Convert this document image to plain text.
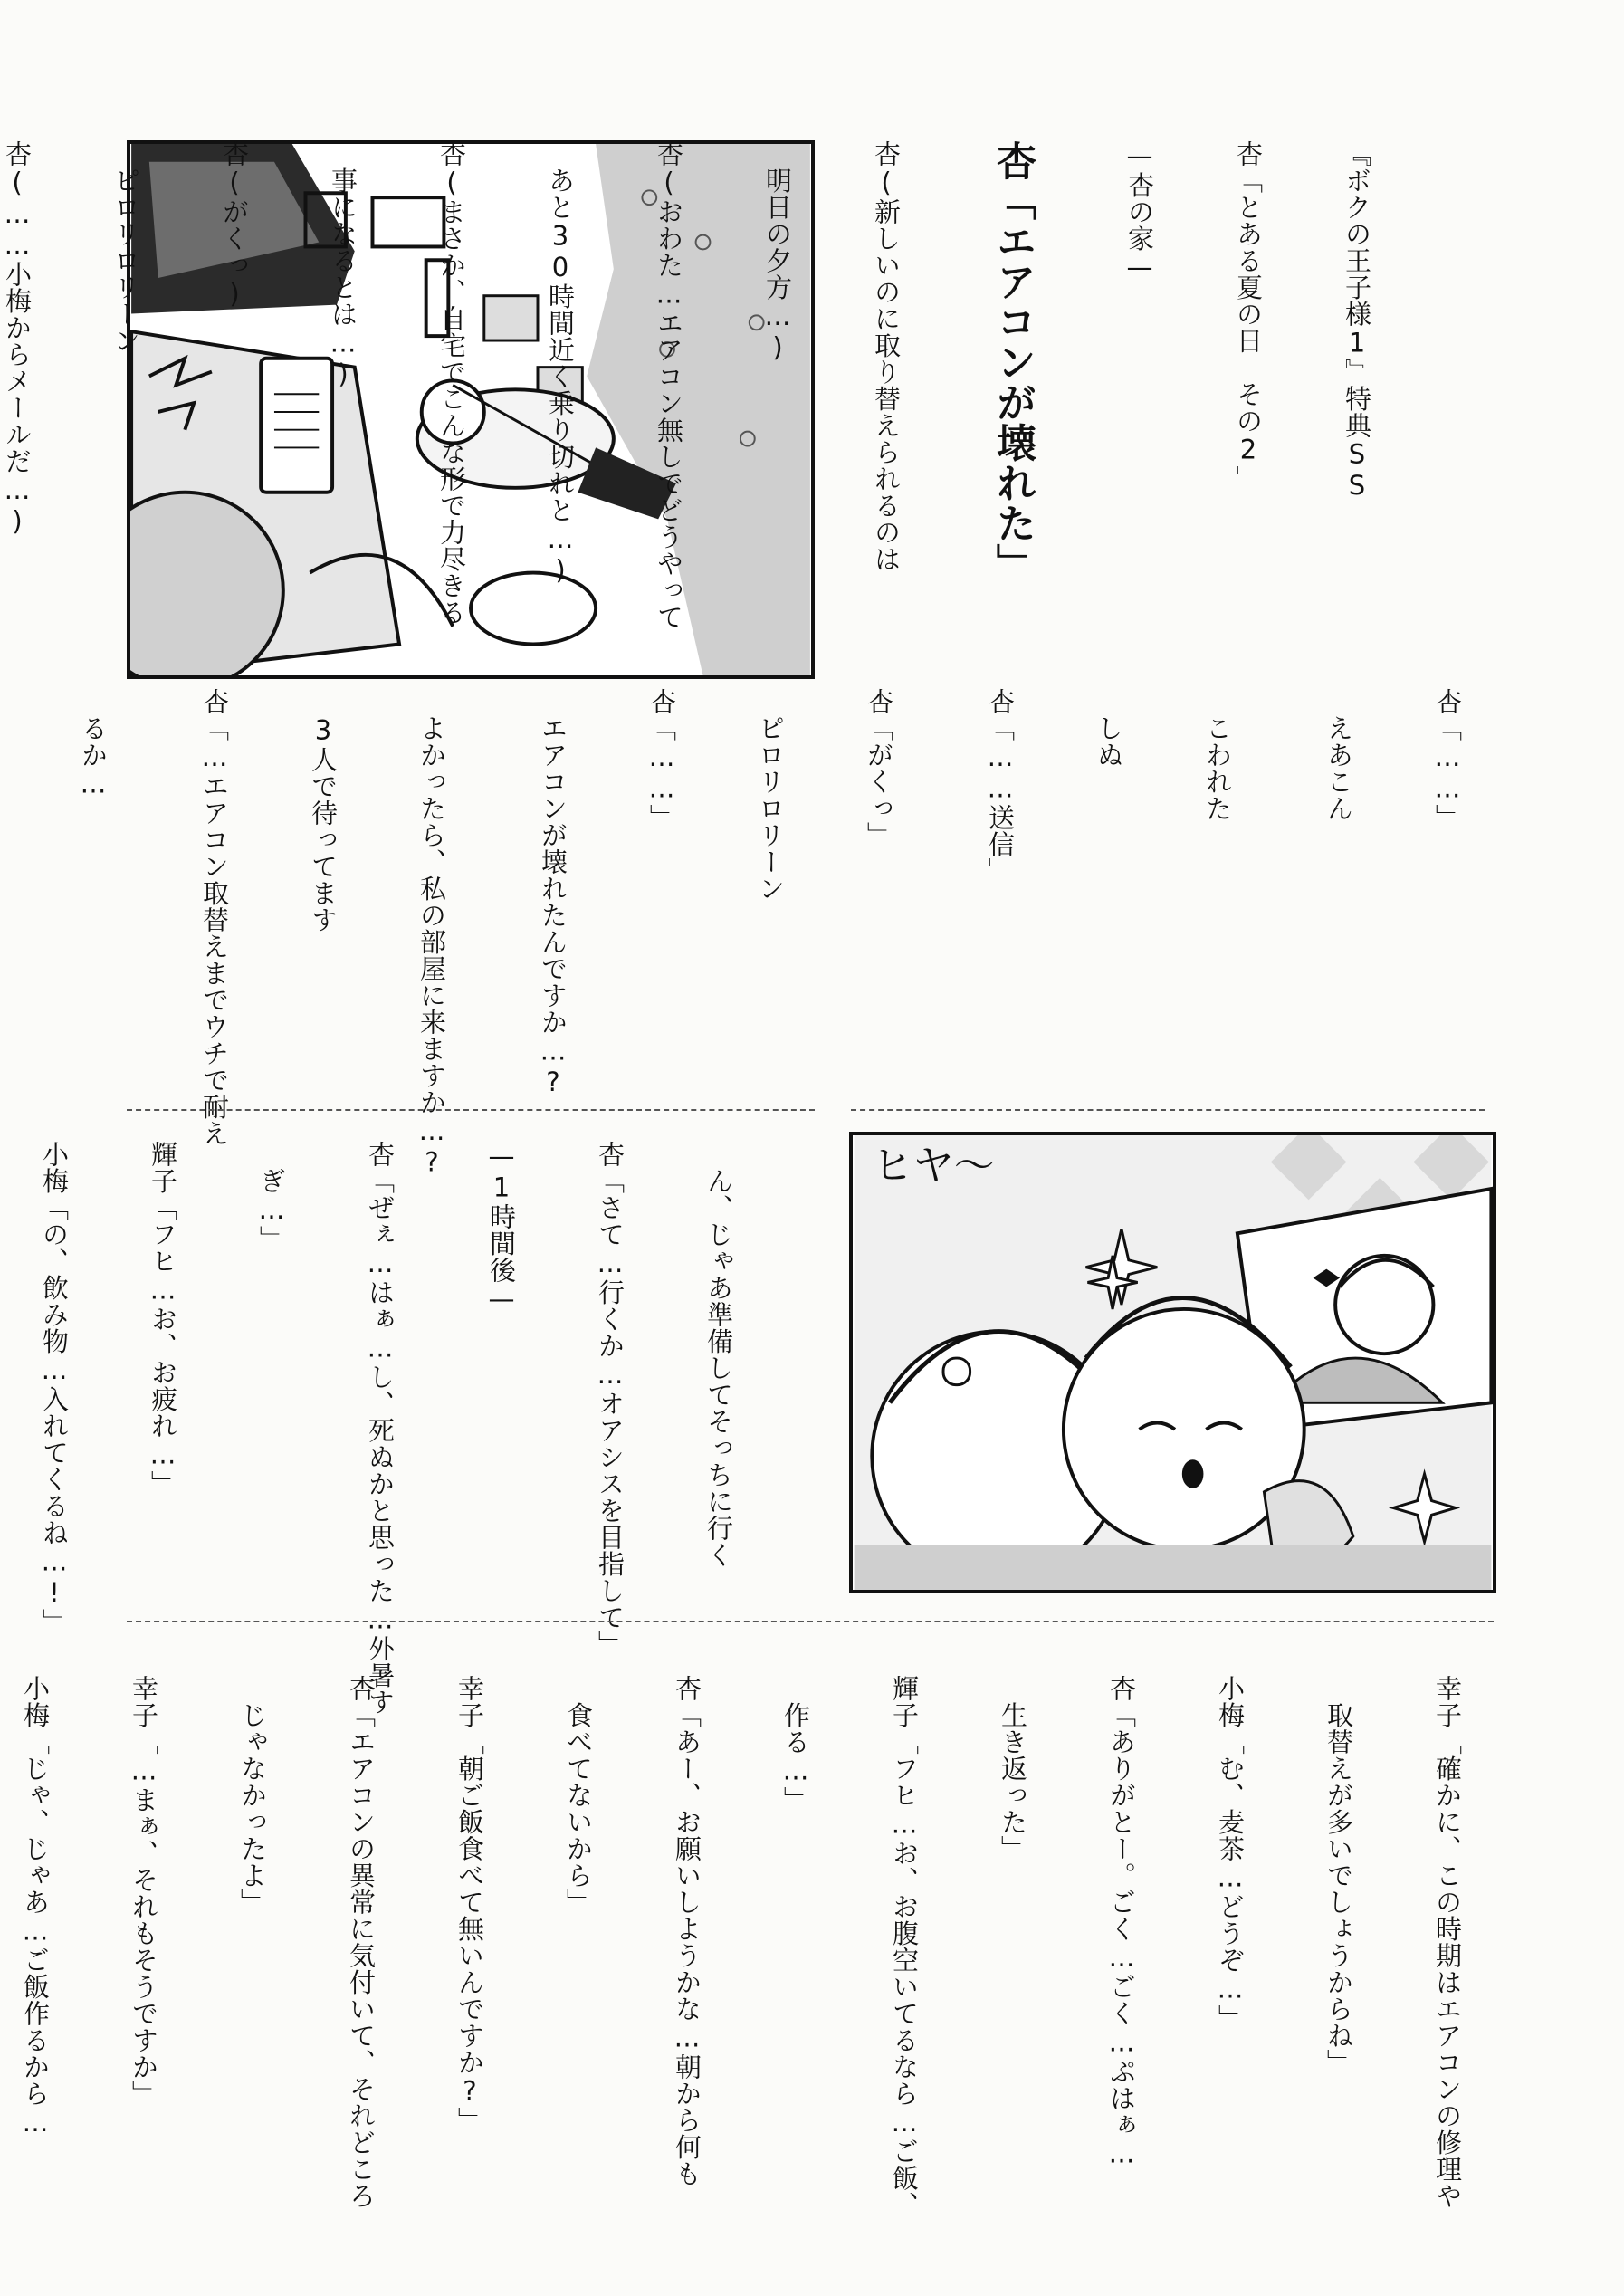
ヒヤ〜

『ボクの王子様1』特典SS

杏「とある夏の日　その2」

—杏の家—

杏「エアコンが壊れた」

杏(新しいのに取り替えられるのは

　明日の夕方…)

杏(おわた…エアコン無しでどうやって

　あと30時間近く乗り切れと…)

杏(まさか、自宅でこんな形で力尽きる

　事になるとは…)

杏(がくっ)

　ピロリロリーン

杏(……小梅からメールだ…)

杏「……」

　えあこん

　こわれた

　しぬ

杏「……送信」

杏「がくっ」

　ピロリロリーン

杏「……」

　エアコンが壊れたんですか…?

　よかったら、私の部屋に来ますか…?

　3人で待ってます

杏「…エアコン取替えまでウチで耐え

　るか…

　ん、じゃあ準備してそっちに行く

杏「さて…行くか…オアシスを目指して」

—1時間後—

杏「ぜぇ…はぁ…し、死ぬかと思った…外暑す

　ぎ…」

輝子「フヒ…お、お疲れ…」

小梅「の、飲み物…入れてくるね…!」

幸子「確かに、この時期はエアコンの修理や

　取替えが多いでしょうからね」

小梅「む、麦茶…どうぞ…」

杏「ありがとー。ごく…ごく…ぷはぁ…

　生き返った」

輝子「フヒ…お、お腹空いてるなら…ご飯、

　作る…」

杏「あー、お願いしようかな…朝から何も

　食べてないから」

幸子「朝ご飯食べて無いんですか?」

杏「エアコンの異常に気付いて、それどころ

　じゃなかったよ」

幸子「…まぁ、それもそうですか」

小梅「じゃ、じゃあ…ご飯作るから…
